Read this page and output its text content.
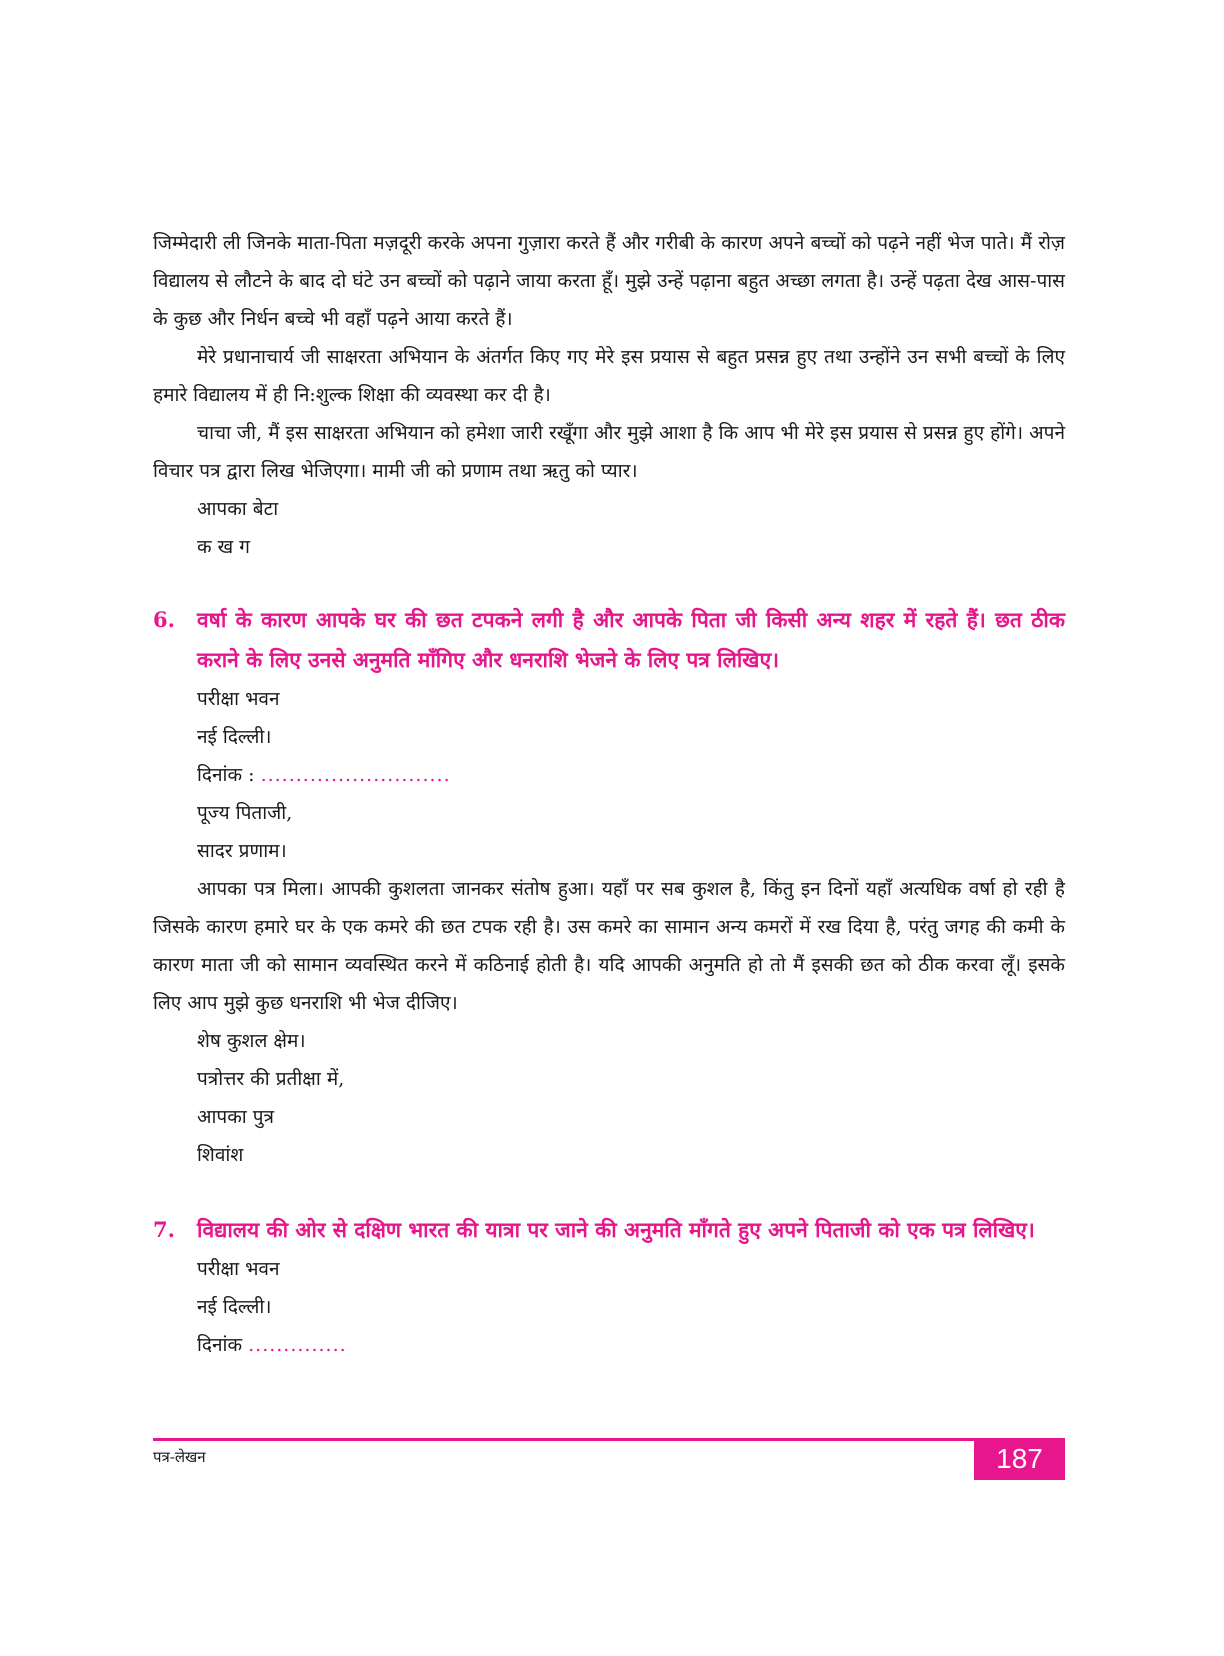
जिम्मेदारी ली जिनके माता-पिता मज़दूरी करके अपना गुज़ारा करते हैं और गरीबी के कारण अपने बच्चों को पढ़ने नहीं भेज पाते। मैं रोज़ विद्यालय से लौटने के बाद दो घंटे उन बच्चों को पढ़ाने जाया करता हूँ। मुझे उन्हें पढ़ाना बहुत अच्छा लगता है। उन्हें पढ़ता देख आस-पास के कुछ और निर्धन बच्चे भी वहाँ पढ़ने आया करते हैं।

मेरे प्रधानाचार्य जी साक्षरता अभियान के अंतर्गत किए गए मेरे इस प्रयास से बहुत प्रसन्न हुए तथा उन्होंने उन सभी बच्चों के लिए हमारे विद्यालय में ही नि:शुल्क शिक्षा की व्यवस्था कर दी है।

चाचा जी, मैं इस साक्षरता अभियान को हमेशा जारी रखूँगा और मुझे आशा है कि आप भी मेरे इस प्रयास से प्रसन्न हुए होंगे। अपने विचार पत्र द्वारा लिख भेजिएगा। मामी जी को प्रणाम तथा ऋतु को प्यार।

आपका बेटा

क ख ग

6. वर्षा के कारण आपके घर की छत टपकने लगी है और आपके पिता जी किसी अन्य शहर में रहते हैं। छत ठीक कराने के लिए उनसे अनुमति माँगिए और धनराशि भेजने के लिए पत्र लिखिए।

परीक्षा भवन

नई दिल्ली।

दिनांक : ...........................

पूज्य पिताजी,

सादर प्रणाम।

आपका पत्र मिला। आपकी कुशलता जानकर संतोष हुआ। यहाँ पर सब कुशल है, किंतु इन दिनों यहाँ अत्यधिक वर्षा हो रही है जिसके कारण हमारे घर के एक कमरे की छत टपक रही है। उस कमरे का सामान अन्य कमरों में रख दिया है, परंतु जगह की कमी के कारण माता जी को सामान व्यवस्थित करने में कठिनाई होती है। यदि आपकी अनुमति हो तो मैं इसकी छत को ठीक करवा लूँ। इसके लिए आप मुझे कुछ धनराशि भी भेज दीजिए।

शेष कुशल क्षेम।

पत्रोत्तर की प्रतीक्षा में,

आपका पुत्र

शिवांश

7. विद्यालय की ओर से दक्षिण भारत की यात्रा पर जाने की अनुमति माँगते हुए अपने पिताजी को एक पत्र लिखिए।

परीक्षा भवन

नई दिल्ली।

दिनांक ..............

पत्र-लेखन	187
